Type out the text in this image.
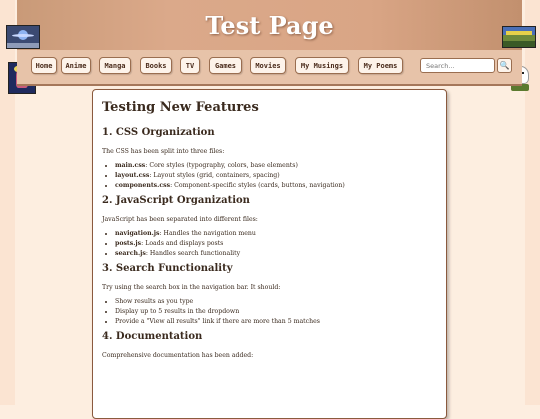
Test Page
Home	Anime	Manga	Books	TV	Games	Movies	My Musings	My Poems
Search...	🔍
Testing New Features
1. CSS Organization

The CSS has been split into three files:

• main.css: Core styles (typography, colors, base elements)
• layout.css: Layout styles (grid, containers, spacing)
• components.css: Component-specific styles (cards, buttons, navigation)
2. JavaScript Organization

JavaScript has been separated into different files:

• navigation.js: Handles the navigation menu
• posts.js: Loads and displays posts
• search.js: Handles search functionality
3. Search Functionality

Try using the search box in the navigation bar. It should:

• Show results as you type
• Display up to 5 results in the dropdown
• Provide a "View all results" link if there are more than 5 matches
4. Documentation

Comprehensive documentation has been added:
